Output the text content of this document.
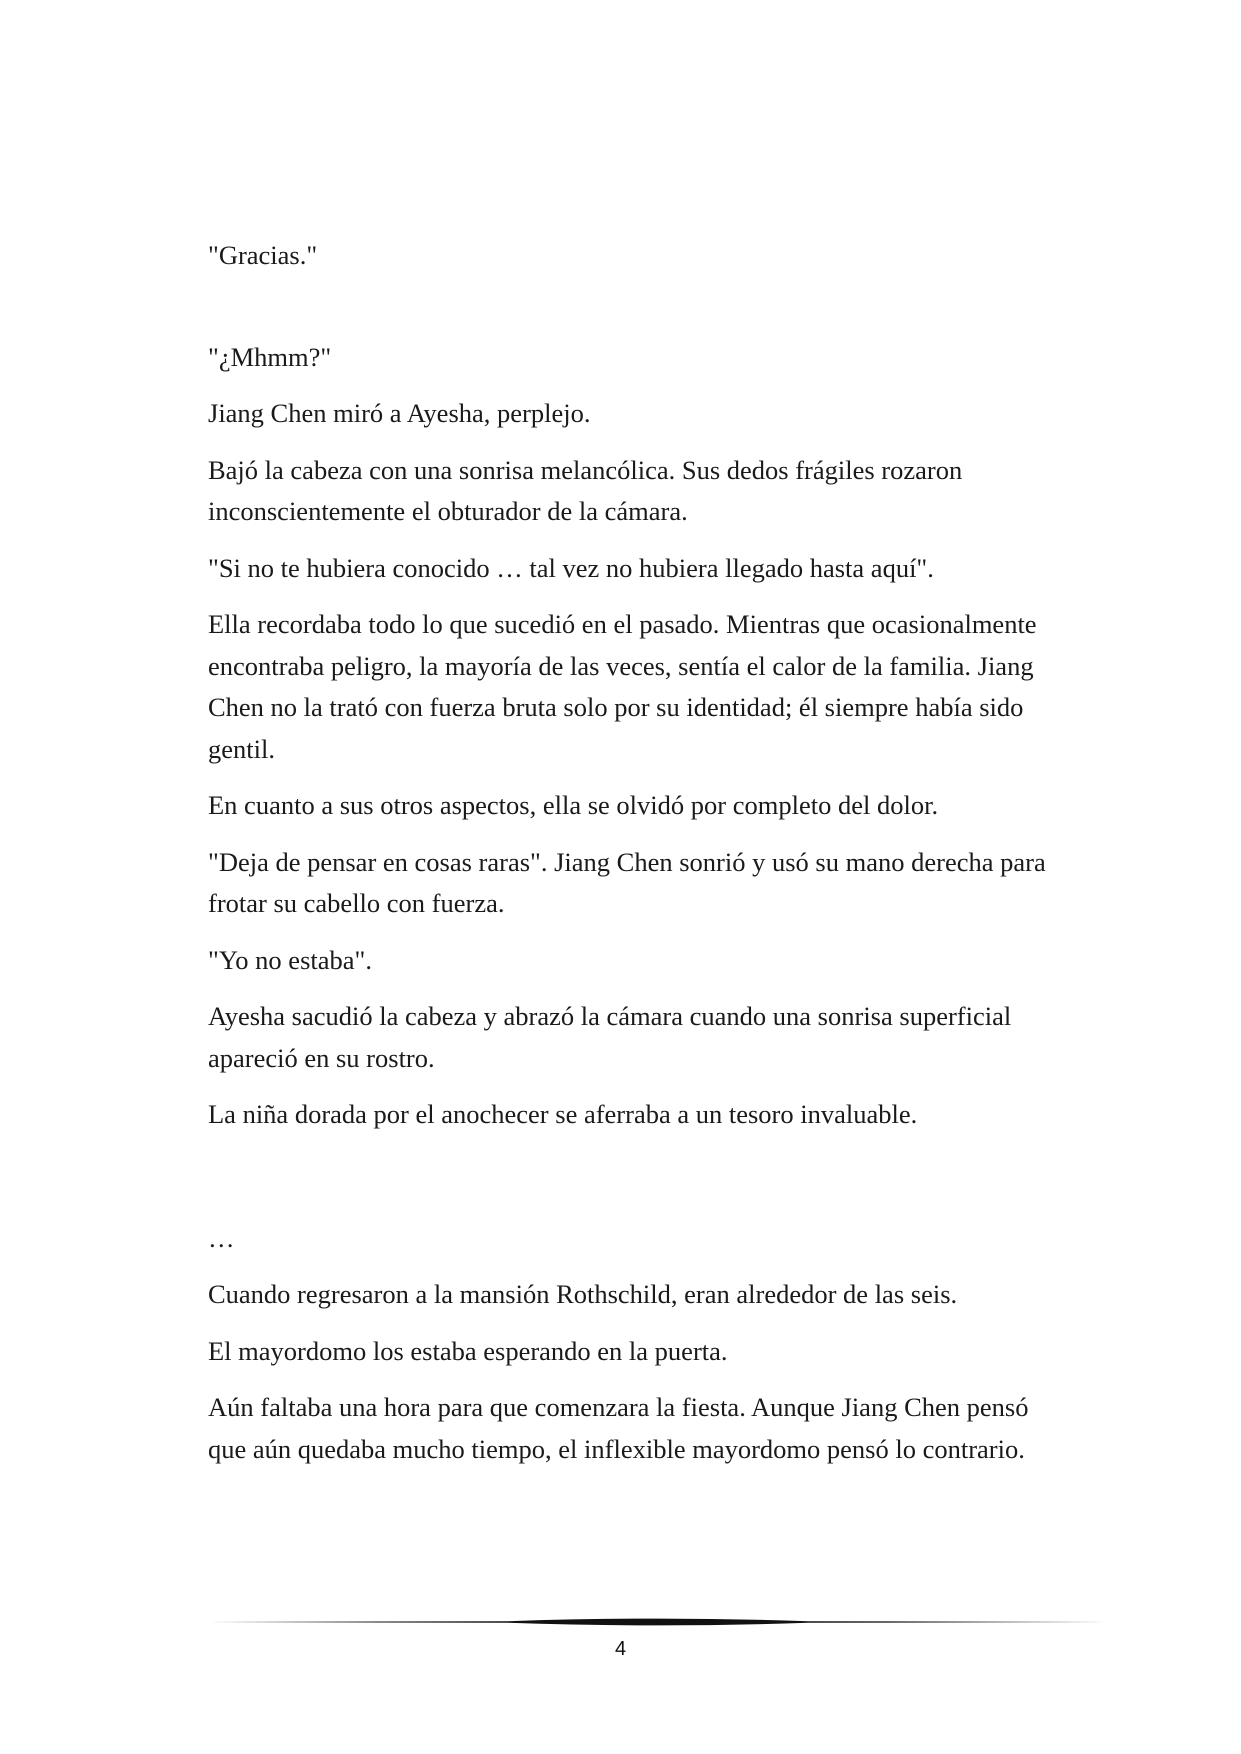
"Gracias."

"¿Mhmm?"

Jiang Chen miró a Ayesha, perplejo.

Bajó la cabeza con una sonrisa melancólica. Sus dedos frágiles rozaron inconscientemente el obturador de la cámara.

"Si no te hubiera conocido … tal vez no hubiera llegado hasta aquí".

Ella recordaba todo lo que sucedió en el pasado. Mientras que ocasionalmente encontraba peligro, la mayoría de las veces, sentía el calor de la familia. Jiang Chen no la trató con fuerza bruta solo por su identidad; él siempre había sido gentil.

En cuanto a sus otros aspectos, ella se olvidó por completo del dolor.

"Deja de pensar en cosas raras". Jiang Chen sonrió y usó su mano derecha para frotar su cabello con fuerza.

"Yo no estaba".

Ayesha sacudió la cabeza y abrazó la cámara cuando una sonrisa superficial apareció en su rostro.

La niña dorada por el anochecer se aferraba a un tesoro invaluable.

…

Cuando regresaron a la mansión Rothschild, eran alrededor de las seis.

El mayordomo los estaba esperando en la puerta.

Aún faltaba una hora para que comenzara la fiesta. Aunque Jiang Chen pensó que aún quedaba mucho tiempo, el inflexible mayordomo pensó lo contrario.

4
